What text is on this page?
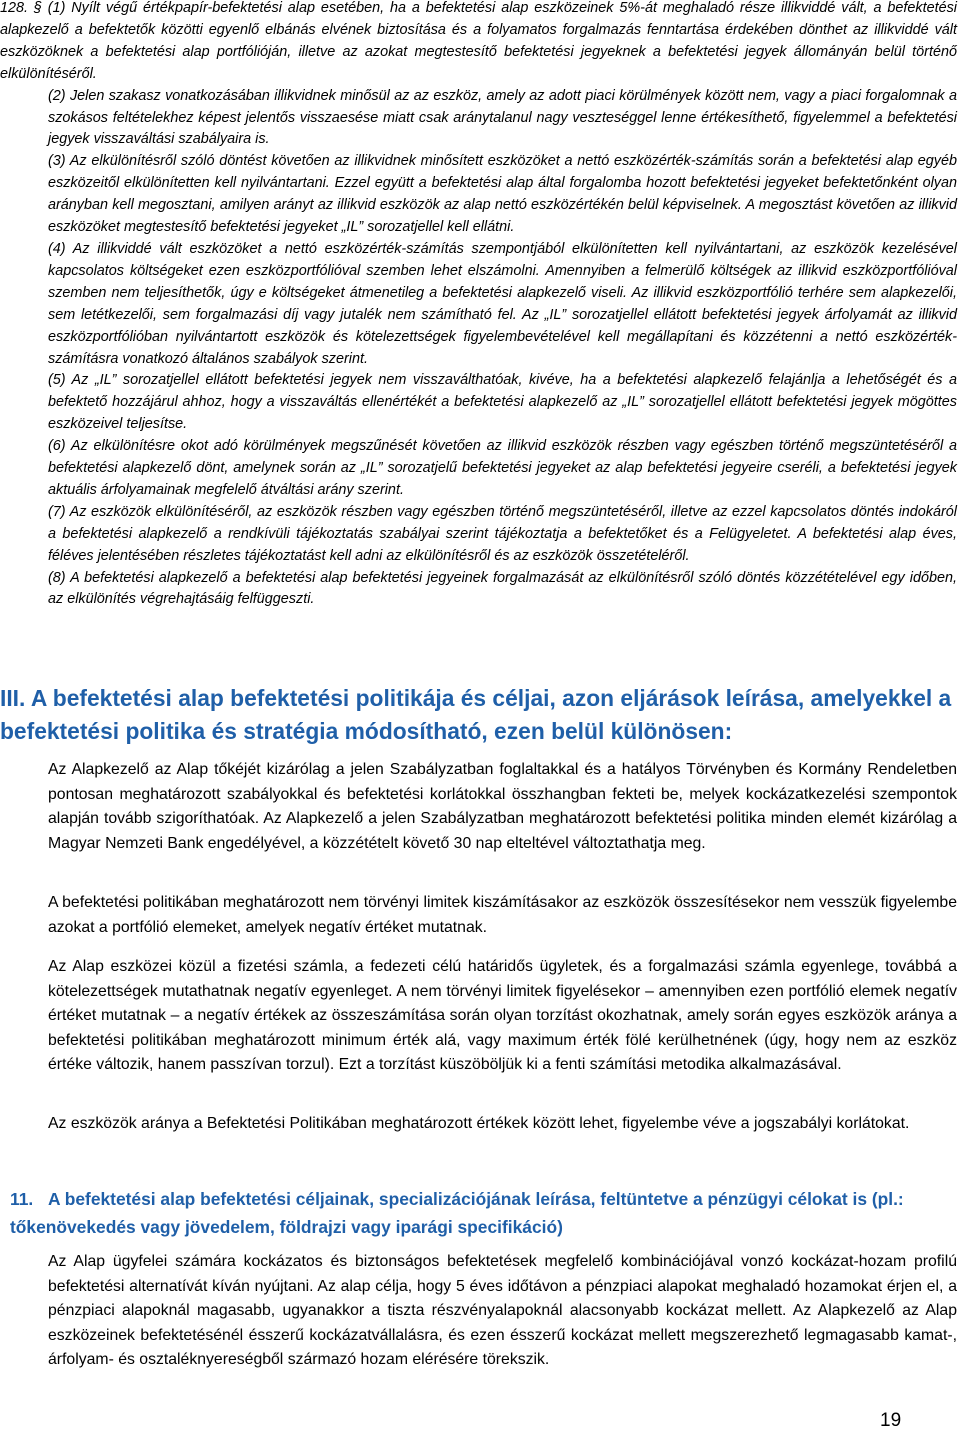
128. § (1) Nyílt végű értékpapír-befektetési alap esetében, ha a befektetési alap eszközeinek 5%-át meghaladó része illikviddé vált, a befektetési alapkezelő a befektetők közötti egyenlő elbánás elvének biztosítása és a folyamatos forgalmazás fenntartása érdekében dönthet az illikviddé vált eszközöknek a befektetési alap portfólióján, illetve az azokat megtestesítő befektetési jegyeknek a befektetési jegyek állományán belül történő elkülönítéséről.

(2) Jelen szakasz vonatkozásában illikvidnek minősül az az eszköz, amely az adott piaci körülmények között nem, vagy a piaci forgalomnak a szokásos feltételekhez képest jelentős visszaesése miatt csak aránytalanul nagy veszteséggel lenne értékesíthető, figyelemmel a befektetési jegyek visszaváltási szabályaira is.

(3) Az elkülönítésről szóló döntést követően az illikvidnek minősített eszközöket a nettó eszközérték-számítás során a befektetési alap egyéb eszközeitől elkülönítetten kell nyilvántartani. Ezzel együtt a befektetési alap által forgalomba hozott befektetési jegyeket befektetőnként olyan arányban kell megosztani, amilyen arányt az illikvid eszközök az alap nettó eszközértékén belül képviselnek. A megosztást követően az illikvid eszközöket megtestesítő befektetési jegyeket „IL” sorozatjellel kell ellátni.

(4) Az illikviddé vált eszközöket a nettó eszközérték-számítás szempontjából elkülönítetten kell nyilvántartani, az eszközök kezelésével kapcsolatos költségeket ezen eszközportfólióval szemben lehet elszámolni. Amennyiben a felmerülő költségek az illikvid eszközportfólióval szemben nem teljesíthetők, úgy e költségeket átmenetileg a befektetési alapkezelő viseli. Az illikvid eszközportfólió terhére sem alapkezelői, sem letétkezelői, sem forgalmazási díj vagy jutalék nem számítható fel. Az „IL” sorozatjellel ellátott befektetési jegyek árfolyamát az illikvid eszközportfólióban nyilvántartott eszközök és kötelezettségek figyelembevételével kell megállapítani és közzétenni a nettó eszközérték-számításra vonatkozó általános szabályok szerint.

(5) Az „IL” sorozatjellel ellátott befektetési jegyek nem visszaválthatóak, kivéve, ha a befektetési alapkezelő felajánlja a lehetőségét és a befektető hozzájárul ahhoz, hogy a visszaváltás ellenértékét a befektetési alapkezelő az „IL” sorozatjellel ellátott befektetési jegyek mögöttes eszközeivel teljesítse.

(6) Az elkülönítésre okot adó körülmények megszűnését követően az illikvid eszközök részben vagy egészben történő megszüntetéséről a befektetési alapkezelő dönt, amelynek során az „IL” sorozatjelű befektetési jegyeket az alap befektetési jegyeire cseréli, a befektetési jegyek aktuális árfolyamainak megfelelő átváltási arány szerint.

(7) Az eszközök elkülönítéséről, az eszközök részben vagy egészben történő megszüntetéséről, illetve az ezzel kapcsolatos döntés indokáról a befektetési alapkezelő a rendkívüli tájékoztatás szabályai szerint tájékoztatja a befektetőket és a Felügyeletet. A befektetési alap éves, féléves jelentésében részletes tájékoztatást kell adni az elkülönítésről és az eszközök összetételéről.

(8) A befektetési alapkezelő a befektetési alap befektetési jegyeinek forgalmazását az elkülönítésről szóló döntés közzétételével egy időben, az elkülönítés végrehajtásáig felfüggeszti.

III. A befektetési alap befektetési politikája és céljai, azon eljárások leírása, amelyekkel a befektetési politika és stratégia módosítható, ezen belül különösen:

Az Alapkezelő az Alap tőkéjét kizárólag a jelen Szabályzatban foglaltakkal és a hatályos Törvényben és Kormány Rendeletben pontosan meghatározott szabályokkal és befektetési korlátokkal összhangban fekteti be, melyek kockázatkezelési szempontok alapján tovább szigoríthatóak. Az Alapkezelő a jelen Szabályzatban meghatározott befektetési politika minden elemét kizárólag a Magyar Nemzeti Bank engedélyével, a közzétételt követő 30 nap elteltével változtathatja meg.

A befektetési politikában meghatározott nem törvényi limitek kiszámításakor az eszközök összesítésekor nem vesszük figyelembe azokat a portfólió elemeket, amelyek negatív értéket mutatnak.

Az Alap eszközei közül a fizetési számla, a fedezeti célú határidős ügyletek, és a forgalmazási számla egyenlege, továbbá a kötelezettségek mutathatnak negatív egyenleget. A nem törvényi limitek figyelésekor – amennyiben ezen portfólió elemek negatív értéket mutatnak – a negatív értékek az összeszámítása során olyan torzítást okozhatnak, amely során egyes eszközök aránya a befektetési politikában meghatározott minimum érték alá, vagy maximum érték fölé kerülhetnének (úgy, hogy nem az eszköz értéke változik, hanem passzívan torzul). Ezt a torzítást küszöböljük ki a fenti számítási metodika alkalmazásával.

Az eszközök aránya a Befektetési Politikában meghatározott értékek között lehet, figyelembe véve a jogszabályi korlátokat.

11. A befektetési alap befektetési céljainak, specializációjának leírása, feltüntetve a pénzügyi célokat is (pl.: tőkenövekedés vagy jövedelem, földrajzi vagy iparági specifikáció)

Az Alap ügyfelei számára kockázatos és biztonságos befektetések megfelelő kombinációjával vonzó kockázat-hozam profilú befektetési alternatívát kíván nyújtani. Az alap célja, hogy 5 éves időtávon a pénzpiaci alapokat meghaladó hozamokat érjen el, a pénzpiaci alapoknál magasabb, ugyanakkor a tiszta részvényalapoknál alacsonyabb kockázat mellett. Az Alapkezelő az Alap eszközeinek befektetésénél ésszerű kockázatvállalásra, és ezen ésszerű kockázat mellett megszerezhető legmagasabb kamat-, árfolyam- és osztaléknyereségből származó hozam elérésére törekszik.

19
